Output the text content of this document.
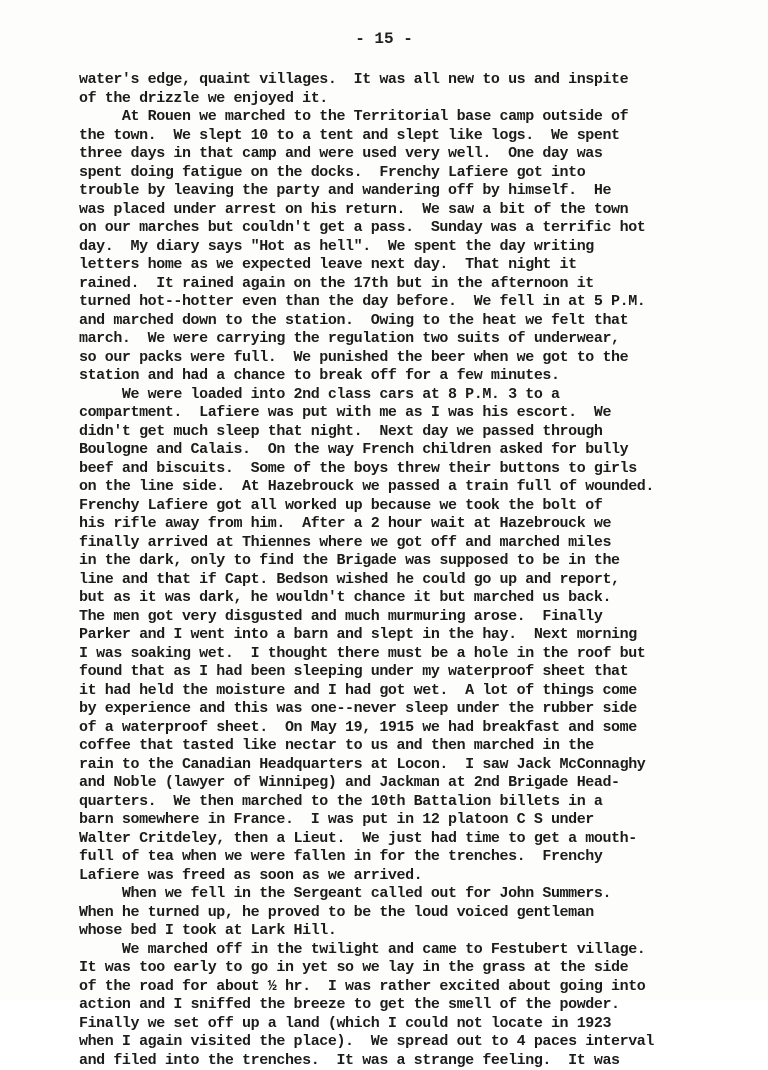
- 15 -
water's edge, quaint villages.  It was all new to us and inspite
of the drizzle we enjoyed it.
At Rouen we marched to the Territorial base camp outside of
the town.  We slept 10 to a tent and slept like logs.  We spent
three days in that camp and were used very well.  One day was
spent doing fatigue on the docks.  Frenchy Lafiere got into
trouble by leaving the party and wandering off by himself.  He
was placed under arrest on his return.  We saw a bit of the town
on our marches but couldn't get a pass.  Sunday was a terrific hot
day.  My diary says "Hot as hell".  We spent the day writing
letters home as we expected leave next day.  That night it
rained.  It rained again on the 17th but in the afternoon it
turned hot--hotter even than the day before.  We fell in at 5 P.M.
and marched down to the station.  Owing to the heat we felt that
march.  We were carrying the regulation two suits of underwear,
so our packs were full.  We punished the beer when we got to the
station and had a chance to break off for a few minutes.
We were loaded into 2nd class cars at 8 P.M. 3 to a
compartment.  Lafiere was put with me as I was his escort.  We
didn't get much sleep that night.  Next day we passed through
Boulogne and Calais.  On the way French children asked for bully
beef and biscuits.  Some of the boys threw their buttons to girls
on the line side.  At Hazebrouck we passed a train full of wounded.
Frenchy Lafiere got all worked up because we took the bolt of
his rifle away from him.  After a 2 hour wait at Hazebrouck we
finally arrived at Thiennes where we got off and marched miles
in the dark, only to find the Brigade was supposed to be in the
line and that if Capt. Bedson wished he could go up and report,
but as it was dark, he wouldn't chance it but marched us back.
The men got very disgusted and much murmuring arose.  Finally
Parker and I went into a barn and slept in the hay.  Next morning
I was soaking wet.  I thought there must be a hole in the roof but
found that as I had been sleeping under my waterproof sheet that
it had held the moisture and I had got wet.  A lot of things come
by experience and this was one--never sleep under the rubber side
of a waterproof sheet.  On May 19, 1915 we had breakfast and some
coffee that tasted like nectar to us and then marched in the
rain to the Canadian Headquarters at Locon.  I saw Jack McConnaghy
and Noble (lawyer of Winnipeg) and Jackman at 2nd Brigade Head-
quarters.  We then marched to the 10th Battalion billets in a
barn somewhere in France.  I was put in 12 platoon C S under
Walter Critdeley, then a Lieut.  We just had time to get a mouth-
full of tea when we were fallen in for the trenches.  Frenchy
Lafiere was freed as soon as we arrived.
When we fell in the Sergeant called out for John Summers.
When he turned up, he proved to be the loud voiced gentleman
whose bed I took at Lark Hill.
We marched off in the twilight and came to Festubert village.
It was too early to go in yet so we lay in the grass at the side
of the road for about ½ hr.  I was rather excited about going into
action and I sniffed the breeze to get the smell of the powder.
Finally we set off up a land (which I could not locate in 1923
when I again visited the place).  We spread out to 4 paces interval
and filed into the trenches.  It was a strange feeling.  It was
